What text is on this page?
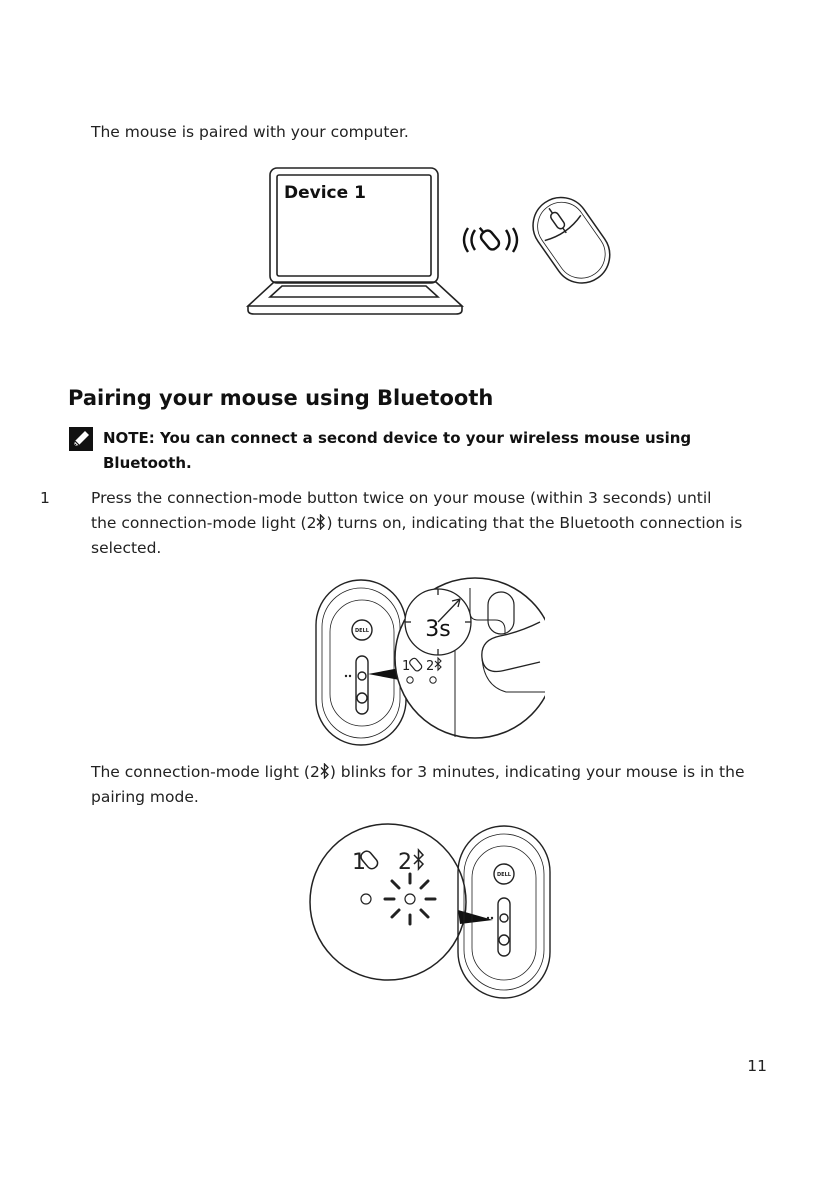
The mouse is paired with your computer.
Device 1
Pairing your mouse using Bluetooth
NOTE: You can connect a second device to your wireless mouse using
Bluetooth.
1	Press the connection-mode button twice on your mouse (within 3 seconds) until
the connection-mode light (2 ) turns on, indicating that the Bluetooth connection is
selected.
DELL	3s
1 2
The connection-mode light (2 ) blinks for 3 minutes, indicating your mouse is in the
pairing mode.
1 2	DELL
11
